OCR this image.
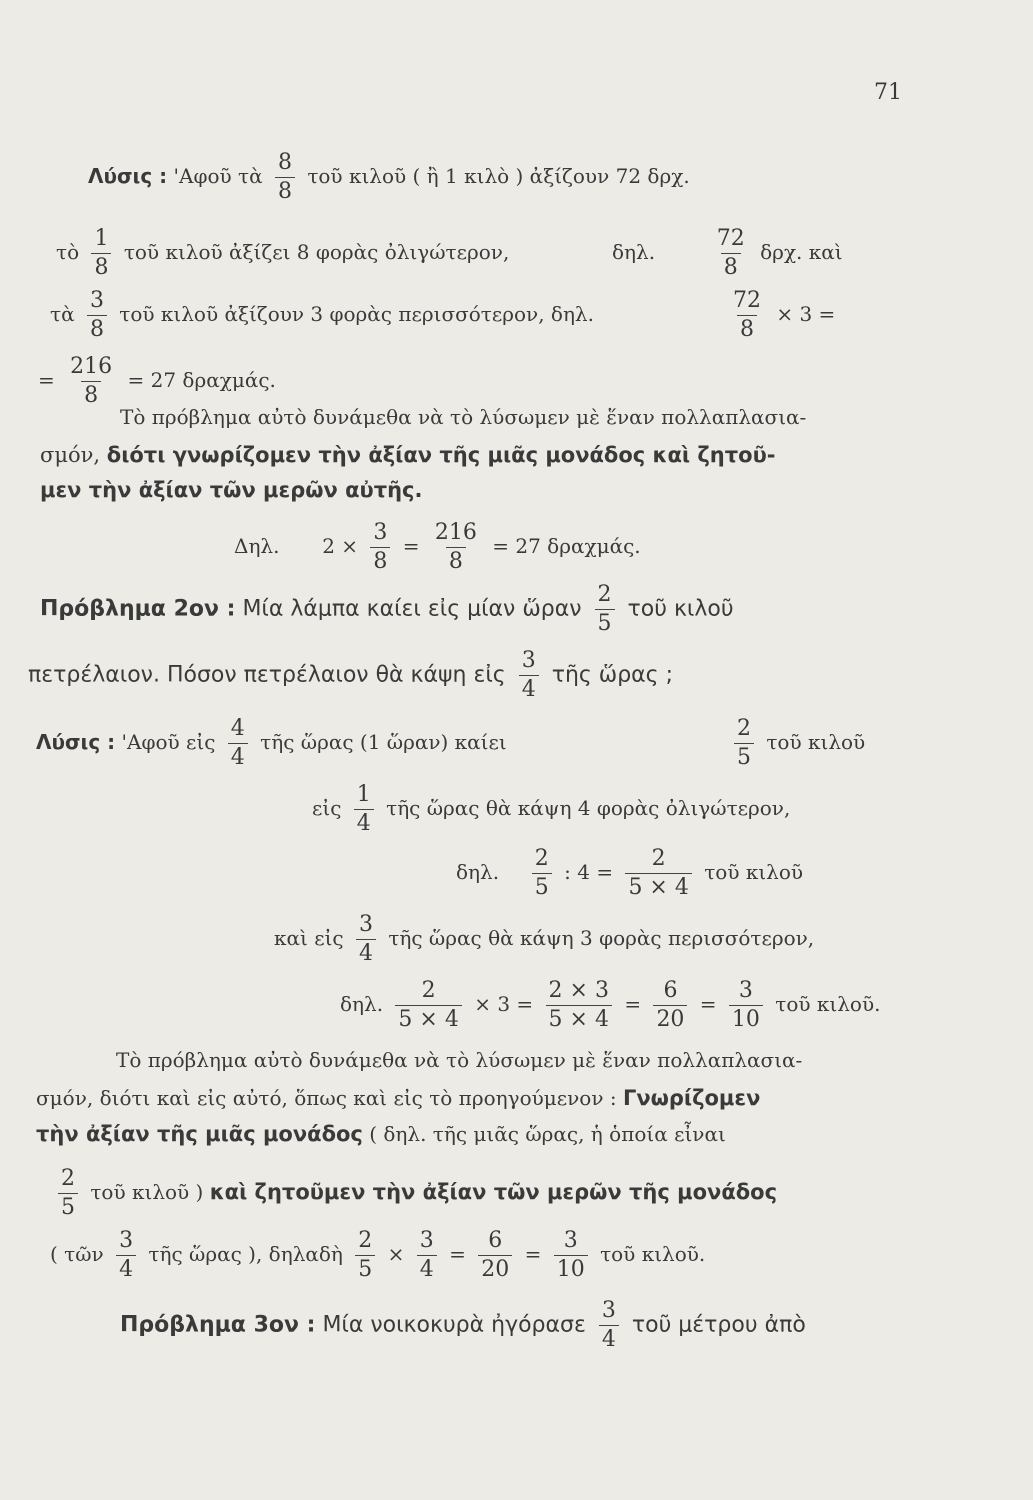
71
Λύσις : 'Αφοῦ τὰ $\frac{8}{8}$ τοῦ κιλοῦ ( ἢ 1 κιλὸ ) ἀξίζουν 72 δρχ.
τὸ $\frac{1}{8}$ τοῦ κιλοῦ ἀξίζει 8 φορὰς ὀλιγώτερον,	δηλ.	$\frac{72}{8} \delta\rho\chi$. καὶ
τὰ $\frac{3}{8}$ τοῦ κιλοῦ ἀξίζουν 3 φορὰς περισσότερον, δηλ.	$\frac{72}{8} \times 3$ =
= $\frac{216}{8} = 27$ δραχμάς.
Τὸ πρόβλημα αὐτὸ δυνάμεθα νὰ τὸ λύσωμεν μὲ ἕναν πολλαπλασια-
σμόν, διότι γνωρίζομεν τὴν ἀξίαν τῆς μιᾶς μονάδος καὶ ζητοῦ-
μεν τὴν ἀξίαν τῶν μερῶν αὐτῆς.
Δηλ. $2 \times \frac{3}{8} = \frac{216}{8} = 27$ δραχμάς.
Πρόβλημα 2ον : Μία λάμπα καίει εἰς μίαν ὥραν $\frac{2}{5}$ τοῦ κιλοῦ
πετρέλαιον. Πόσον πετρέλαιον θὰ κάψη εἰς $\frac{3}{4}$ τῆς ὥρας ;
Λύσις : 'Αφοῦ εἰς $\frac{4}{4}$ τῆς ὥρας (1 ὥραν) καίει	$\frac{2}{5}$ τοῦ κιλοῦ
εἰς $\frac{1}{4}$ τῆς ὥρας θὰ κάψη 4 φορὰς ὀλιγώτερον,
δηλ. $\frac{2}{5}$ : $4 = \frac{2}{5 \times 4}$ τοῦ κιλοῦ
καὶ εἰς $\frac{3}{4}$ τῆς ὥρας θὰ κάψη 3 φορὰς περισσότερον,
δηλ. $\frac{2}{5 \times 4} \times 3 = \frac{2 \times 3}{5 \times 4} = \frac{6}{20} = \frac{3}{10}$ τοῦ κιλοῦ.
Τὸ πρόβλημα αὐτὸ δυνάμεθα νὰ τὸ λύσωμεν μὲ ἕναν πολλαπλασια-
σμόν, διότι καὶ εἰς αὐτό, ὅπως καὶ εἰς τὸ προηγούμενον : Γνωρίζομεν
τὴν ἀξίαν τῆς μιᾶς μονάδος ( δηλ. τῆς μιᾶς ὥρας, ἡ ὁποία εἶναι
$\frac{2}{5}$ τοῦ κιλοῦ ) καὶ ζητοῦμεν τὴν ἀξίαν τῶν μερῶν τῆς μονάδος
( τῶν $\frac{3}{4}$ τῆς ὥρας ), δηλαδὴ $\frac{2}{5} \times \frac{3}{4} = \frac{6}{20} = \frac{3}{10}$ τοῦ κιλοῦ.
Πρόβλημα 3ον : Μία νοικοκυρὰ ἠγόρασε $\frac{3}{4}$ τοῦ μέτρου ἀπὸ
